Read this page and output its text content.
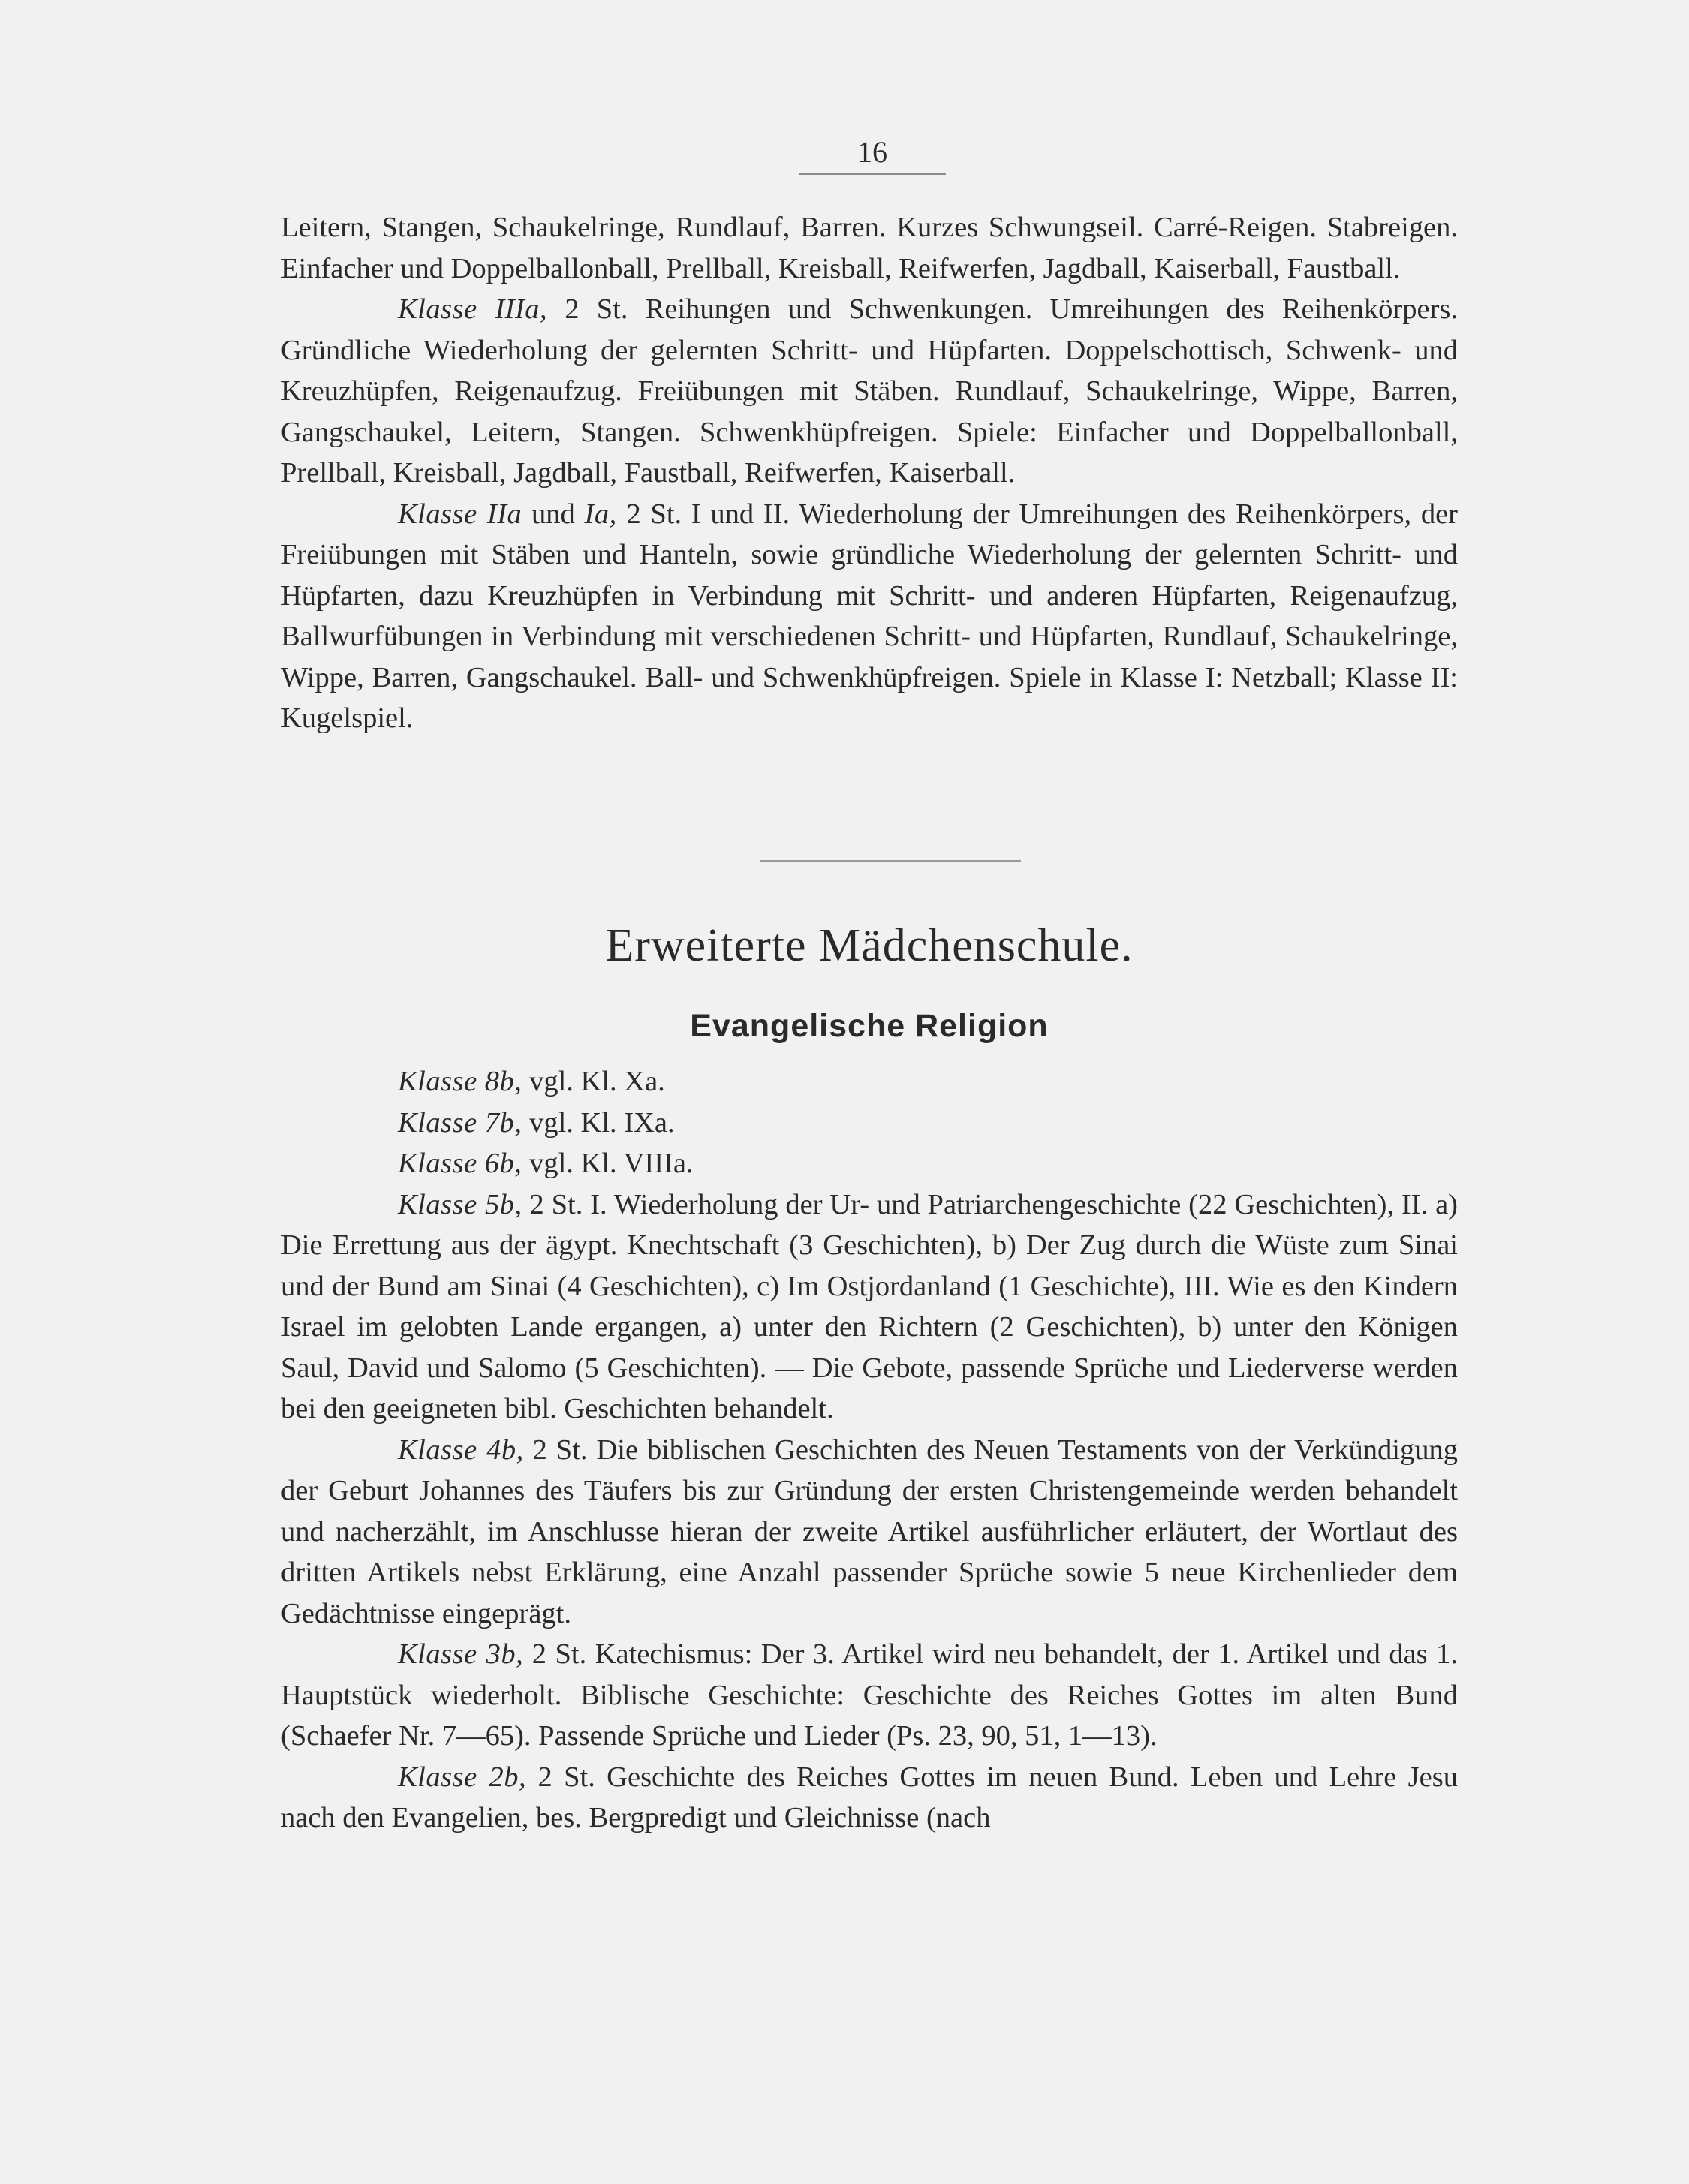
16

Leitern, Stangen, Schaukelringe, Rundlauf, Barren. Kurzes Schwungseil. Carré-Reigen. Stabreigen. Einfacher und Doppelballonball, Prellball, Kreisball, Reifwerfen, Jagdball, Kaiserball, Faustball.

Klasse IIIa, 2 St. Reihungen und Schwenkungen. Umreihungen des Reihenkörpers. Gründliche Wiederholung der gelernten Schritt- und Hüpfarten. Doppelschottisch, Schwenk- und Kreuzhüpfen, Reigenaufzug. Freiübungen mit Stäben. Rundlauf, Schaukelringe, Wippe, Barren, Gangschaukel, Leitern, Stangen. Schwenkhüpfreigen. Spiele: Einfacher und Doppelballonball, Prellball, Kreisball, Jagdball, Faustball, Reifwerfen, Kaiserball.

Klasse IIa und Ia, 2 St. I und II. Wiederholung der Umreihungen des Reihenkörpers, der Freiübungen mit Stäben und Hanteln, sowie gründliche Wiederholung der gelernten Schritt- und Hüpfarten, dazu Kreuzhüpfen in Verbindung mit Schritt- und anderen Hüpfarten, Reigenaufzug, Ballwurfübungen in Verbindung mit verschiedenen Schritt- und Hüpfarten, Rundlauf, Schaukelringe, Wippe, Barren, Gangschaukel. Ball- und Schwenkhüpfreigen. Spiele in Klasse I: Netzball; Klasse II: Kugelspiel.

Erweiterte Mädchenschule.
Evangelische Religion

Klasse 8b, vgl. Kl. Xa.

Klasse 7b, vgl. Kl. IXa.

Klasse 6b, vgl. Kl. VIIIa.

Klasse 5b, 2 St. I. Wiederholung der Ur- und Patriarchengeschichte (22 Geschichten), II. a) Die Errettung aus der ägypt. Knechtschaft (3 Geschichten), b) Der Zug durch die Wüste zum Sinai und der Bund am Sinai (4 Geschichten), c) Im Ostjordanland (1 Geschichte), III. Wie es den Kindern Israel im gelobten Lande ergangen, a) unter den Richtern (2 Geschichten), b) unter den Königen Saul, David und Salomo (5 Geschichten). — Die Gebote, passende Sprüche und Liederverse werden bei den geeigneten bibl. Geschichten behandelt.

Klasse 4b, 2 St. Die biblischen Geschichten des Neuen Testaments von der Verkündigung der Geburt Johannes des Täufers bis zur Gründung der ersten Christengemeinde werden behandelt und nacherzählt, im Anschlusse hieran der zweite Artikel ausführlicher erläutert, der Wortlaut des dritten Artikels nebst Erklärung, eine Anzahl passender Sprüche sowie 5 neue Kirchenlieder dem Gedächtnisse eingeprägt.

Klasse 3b, 2 St. Katechismus: Der 3. Artikel wird neu behandelt, der 1. Artikel und das 1. Hauptstück wiederholt. Biblische Geschichte: Geschichte des Reiches Gottes im alten Bund (Schaefer Nr. 7—65). Passende Sprüche und Lieder (Ps. 23, 90, 51, 1—13).

Klasse 2b, 2 St. Geschichte des Reiches Gottes im neuen Bund. Leben und Lehre Jesu nach den Evangelien, bes. Bergpredigt und Gleichnisse (nach
